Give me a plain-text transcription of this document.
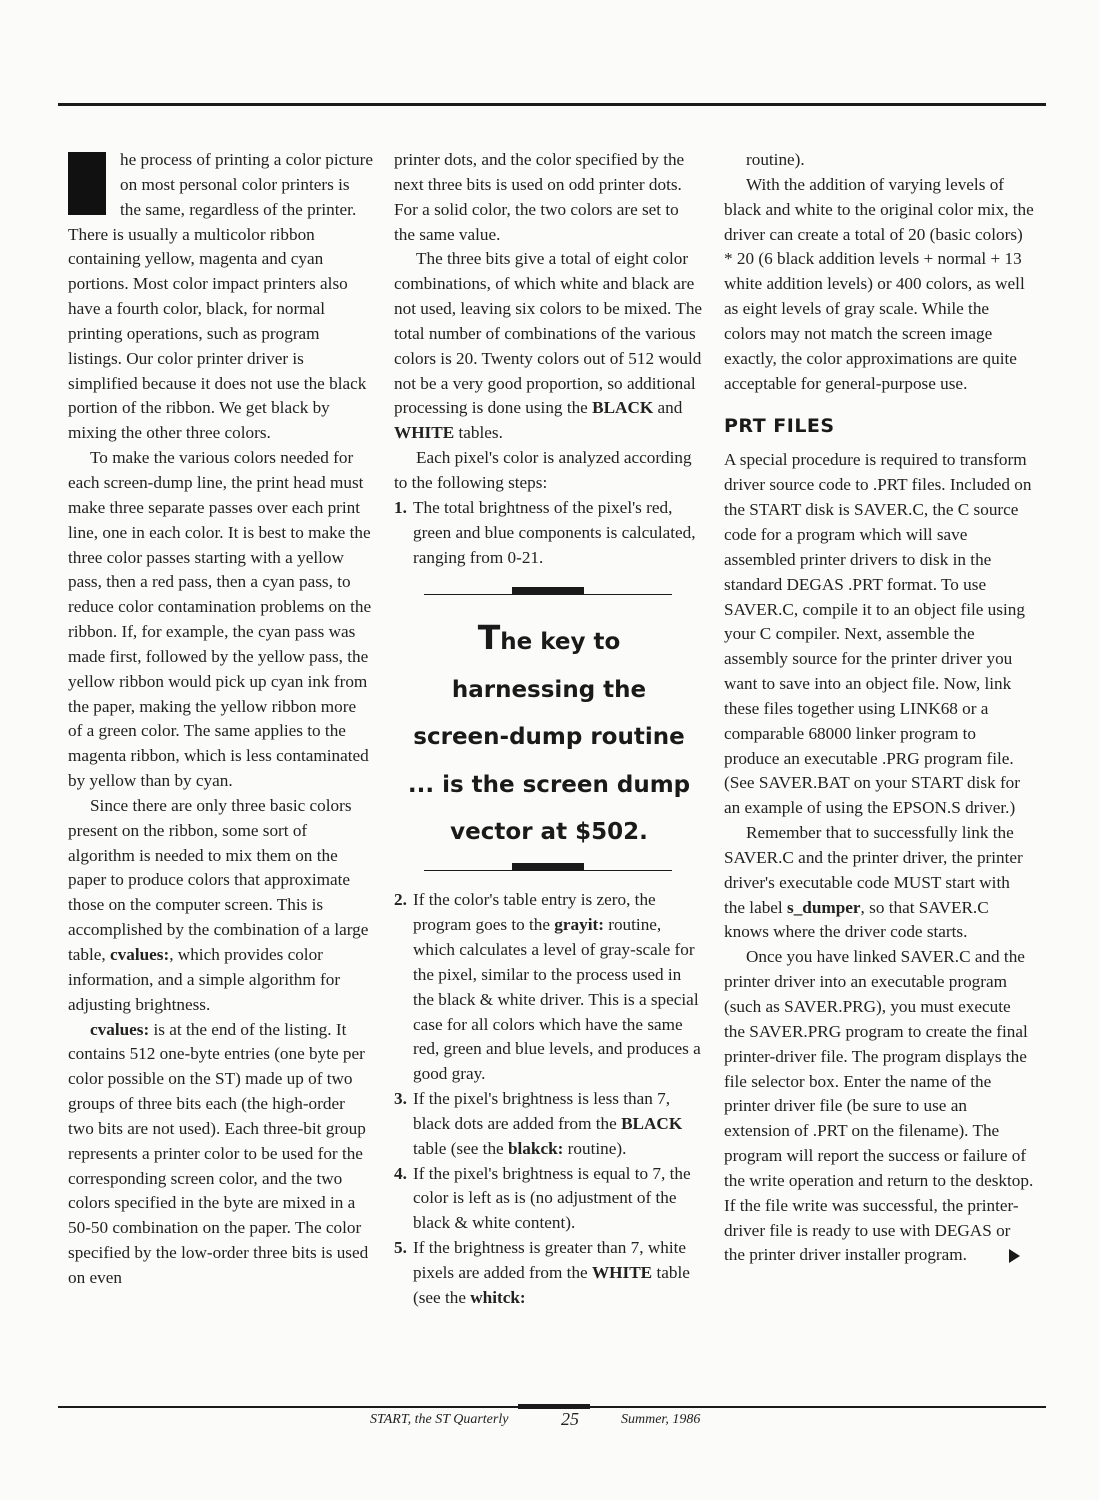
he process of printing a color picture on most personal color printers is the same, regardless of the printer. There is usually a multicolor ribbon containing yellow, magenta and cyan portions. Most color impact printers also have a fourth color, black, for normal printing operations, such as program listings. Our color printer driver is simplified because it does not use the black portion of the ribbon. We get black by mixing the other three colors.

To make the various colors needed for each screen-dump line, the print head must make three separate passes over each print line, one in each color. It is best to make the three color passes starting with a yellow pass, then a red pass, then a cyan pass, to reduce color contamination problems on the ribbon. If, for example, the cyan pass was made first, followed by the yellow pass, the yellow ribbon would pick up cyan ink from the paper, making the yellow ribbon more of a green color. The same applies to the magenta ribbon, which is less contaminated by yellow than by cyan.

Since there are only three basic colors present on the ribbon, some sort of algorithm is needed to mix them on the paper to produce colors that approximate those on the computer screen. This is accomplished by the combination of a large table, cvalues:, which provides color information, and a simple algorithm for adjusting brightness.

cvalues: is at the end of the listing. It contains 512 one-byte entries (one byte per color possible on the ST) made up of two groups of three bits each (the high-order two bits are not used). Each three-bit group represents a printer color to be used for the corresponding screen color, and the two colors specified in the byte are mixed in a 50-50 combination on the paper. The color specified by the low-order three bits is used on even

printer dots, and the color specified by the next three bits is used on odd printer dots. For a solid color, the two colors are set to the same value.

The three bits give a total of eight color combinations, of which white and black are not used, leaving six colors to be mixed. The total number of combinations of the various colors is 20. Twenty colors out of 512 would not be a very good proportion, so additional processing is done using the BLACK and WHITE tables.

Each pixel's color is analyzed according to the following steps:

1. The total brightness of the pixel's red, green and blue components is calculated, ranging from 0-21.
The key to
harnessing the
screen-dump routine
... is the screen dump
vector at $502.
2. If the color's table entry is zero, the program goes to the grayit: routine, which calculates a level of gray-scale for the pixel, similar to the process used in the black & white driver. This is a special case for all colors which have the same red, green and blue levels, and produces a good gray.
3. If the pixel's brightness is less than 7, black dots are added from the BLACK table (see the blakck: routine).
4. If the pixel's brightness is equal to 7, the color is left as is (no adjustment of the black & white content).
5. If the brightness is greater than 7, white pixels are added from the WHITE table (see the whitck:

routine).

With the addition of varying levels of black and white to the original color mix, the driver can create a total of 20 (basic colors) * 20 (6 black addition levels + normal + 13 white addition levels) or 400 colors, as well as eight levels of gray scale. While the colors may not match the screen image exactly, the color approximations are quite acceptable for general-purpose use.

PRT FILES

A special procedure is required to transform driver source code to .PRT files. Included on the START disk is SAVER.C, the C source code for a program which will save assembled printer drivers to disk in the standard DEGAS .PRT format. To use SAVER.C, compile it to an object file using your C compiler. Next, assemble the assembly source for the printer driver you want to save into an object file. Now, link these files together using LINK68 or a comparable 68000 linker program to produce an executable .PRG program file. (See SAVER.BAT on your START disk for an example of using the EPSON.S driver.)

Remember that to successfully link the SAVER.C and the printer driver, the printer driver's executable code MUST start with the label s_dumper, so that SAVER.C knows where the driver code starts.

Once you have linked SAVER.C and the printer driver into an executable program (such as SAVER.PRG), you must execute the SAVER.PRG program to create the final printer-driver file. The program displays the file selector box. Enter the name of the printer driver file (be sure to use an extension of .PRT on the filename). The program will report the success or failure of the write operation and return to the desktop. If the file write was successful, the printer-driver file is ready to use with DEGAS or the printer driver installer program.

START, the ST Quarterly	25	Summer, 1986
